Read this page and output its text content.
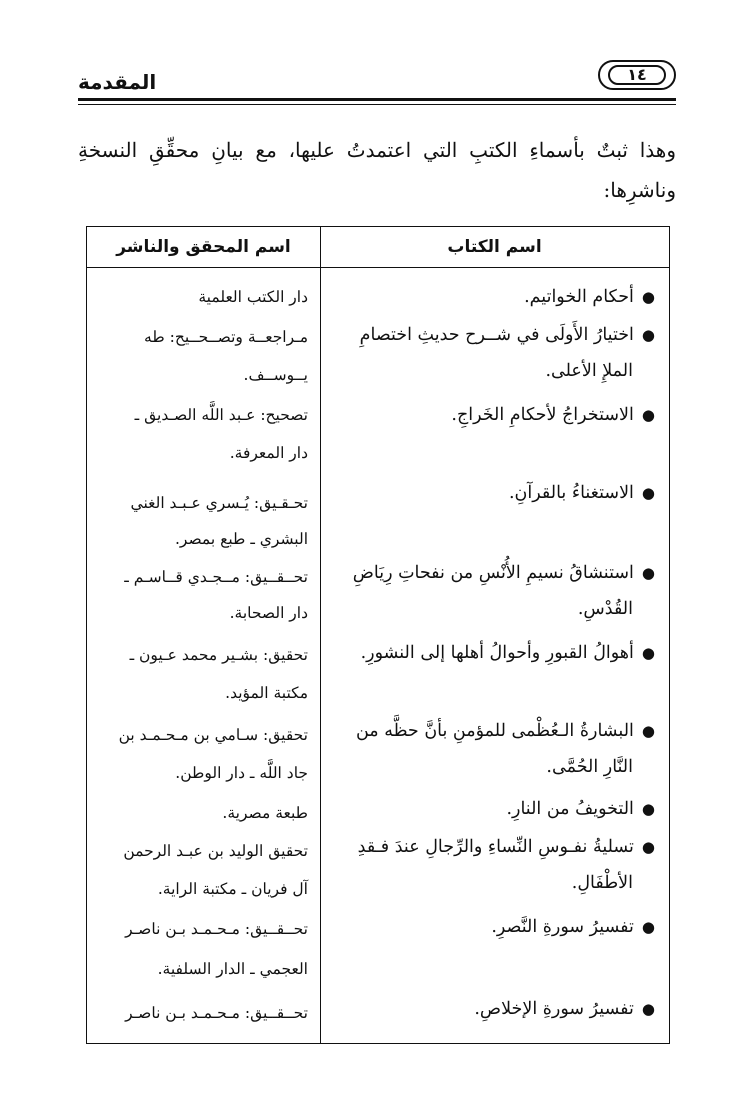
١٤
المقدمة
وهذا ثبتٌ بأسماءِ الكتبِ التي اعتمدتُ عليها، مع بيانِ محقِّقِ النسخةِ وناشرِها:
اسم الكتاب
اسم المحقق والناشر
●أحكام الخواتيم.
●اختيارُ الأَولَى في شــرح حديثِ اختصامِ
الملإِ الأعلى.
●الاستخراجُ لأحكامِ الخَراجِ.
●الاستغناءُ بالقرآنِ.
●استنشاقُ نسيمِ الأُنْسِ من نفحاتِ رِيَاضِ
القُدْسِ.
●أهوالُ القبورِ وأحوالُ أهلها إلى النشورِ.
●البشارةُ الـعُظْمى للمؤمنِ بأنَّ حظَّه من
النَّارِ الحُمَّى.
●التخويفُ من النارِ.
●تسليةُ نفـوسِ النِّساءِ والرِّجالِ عندَ فـقدِ
الأطْفَالِ.
●تفسيرُ سورةِ النَّصرِ.
●تفسيرُ سورةِ الإخلاصِ.
دار الكتب العلمية
مـراجعــة وتصــحــيح: طه
يــوســف.
تصحيح: عـبد اللَّه الصـديق ـ
دار المعرفة.
تحـقـيق: يُـسري عـبـد الغني
البشري ـ طبع بمصر.
تحــقــيق: مــجـدي قــاسـم ـ
دار الصحابة.
تحقيق: بشـير محمد عـيون ـ
مكتبة المؤيد.
تحقيق: سـامي بن مـحـمـد بن
جاد اللَّه ـ دار الوطن.
طبعة مصرية.
تحقيق الوليد بن عبـد الرحمن
آل فريان ـ مكتبة الراية.
تحــقــيق: مـحـمـد بـن ناصـر
العجمي ـ الدار السلفية.
تحــقــيق: مـحـمـد بـن ناصـر
